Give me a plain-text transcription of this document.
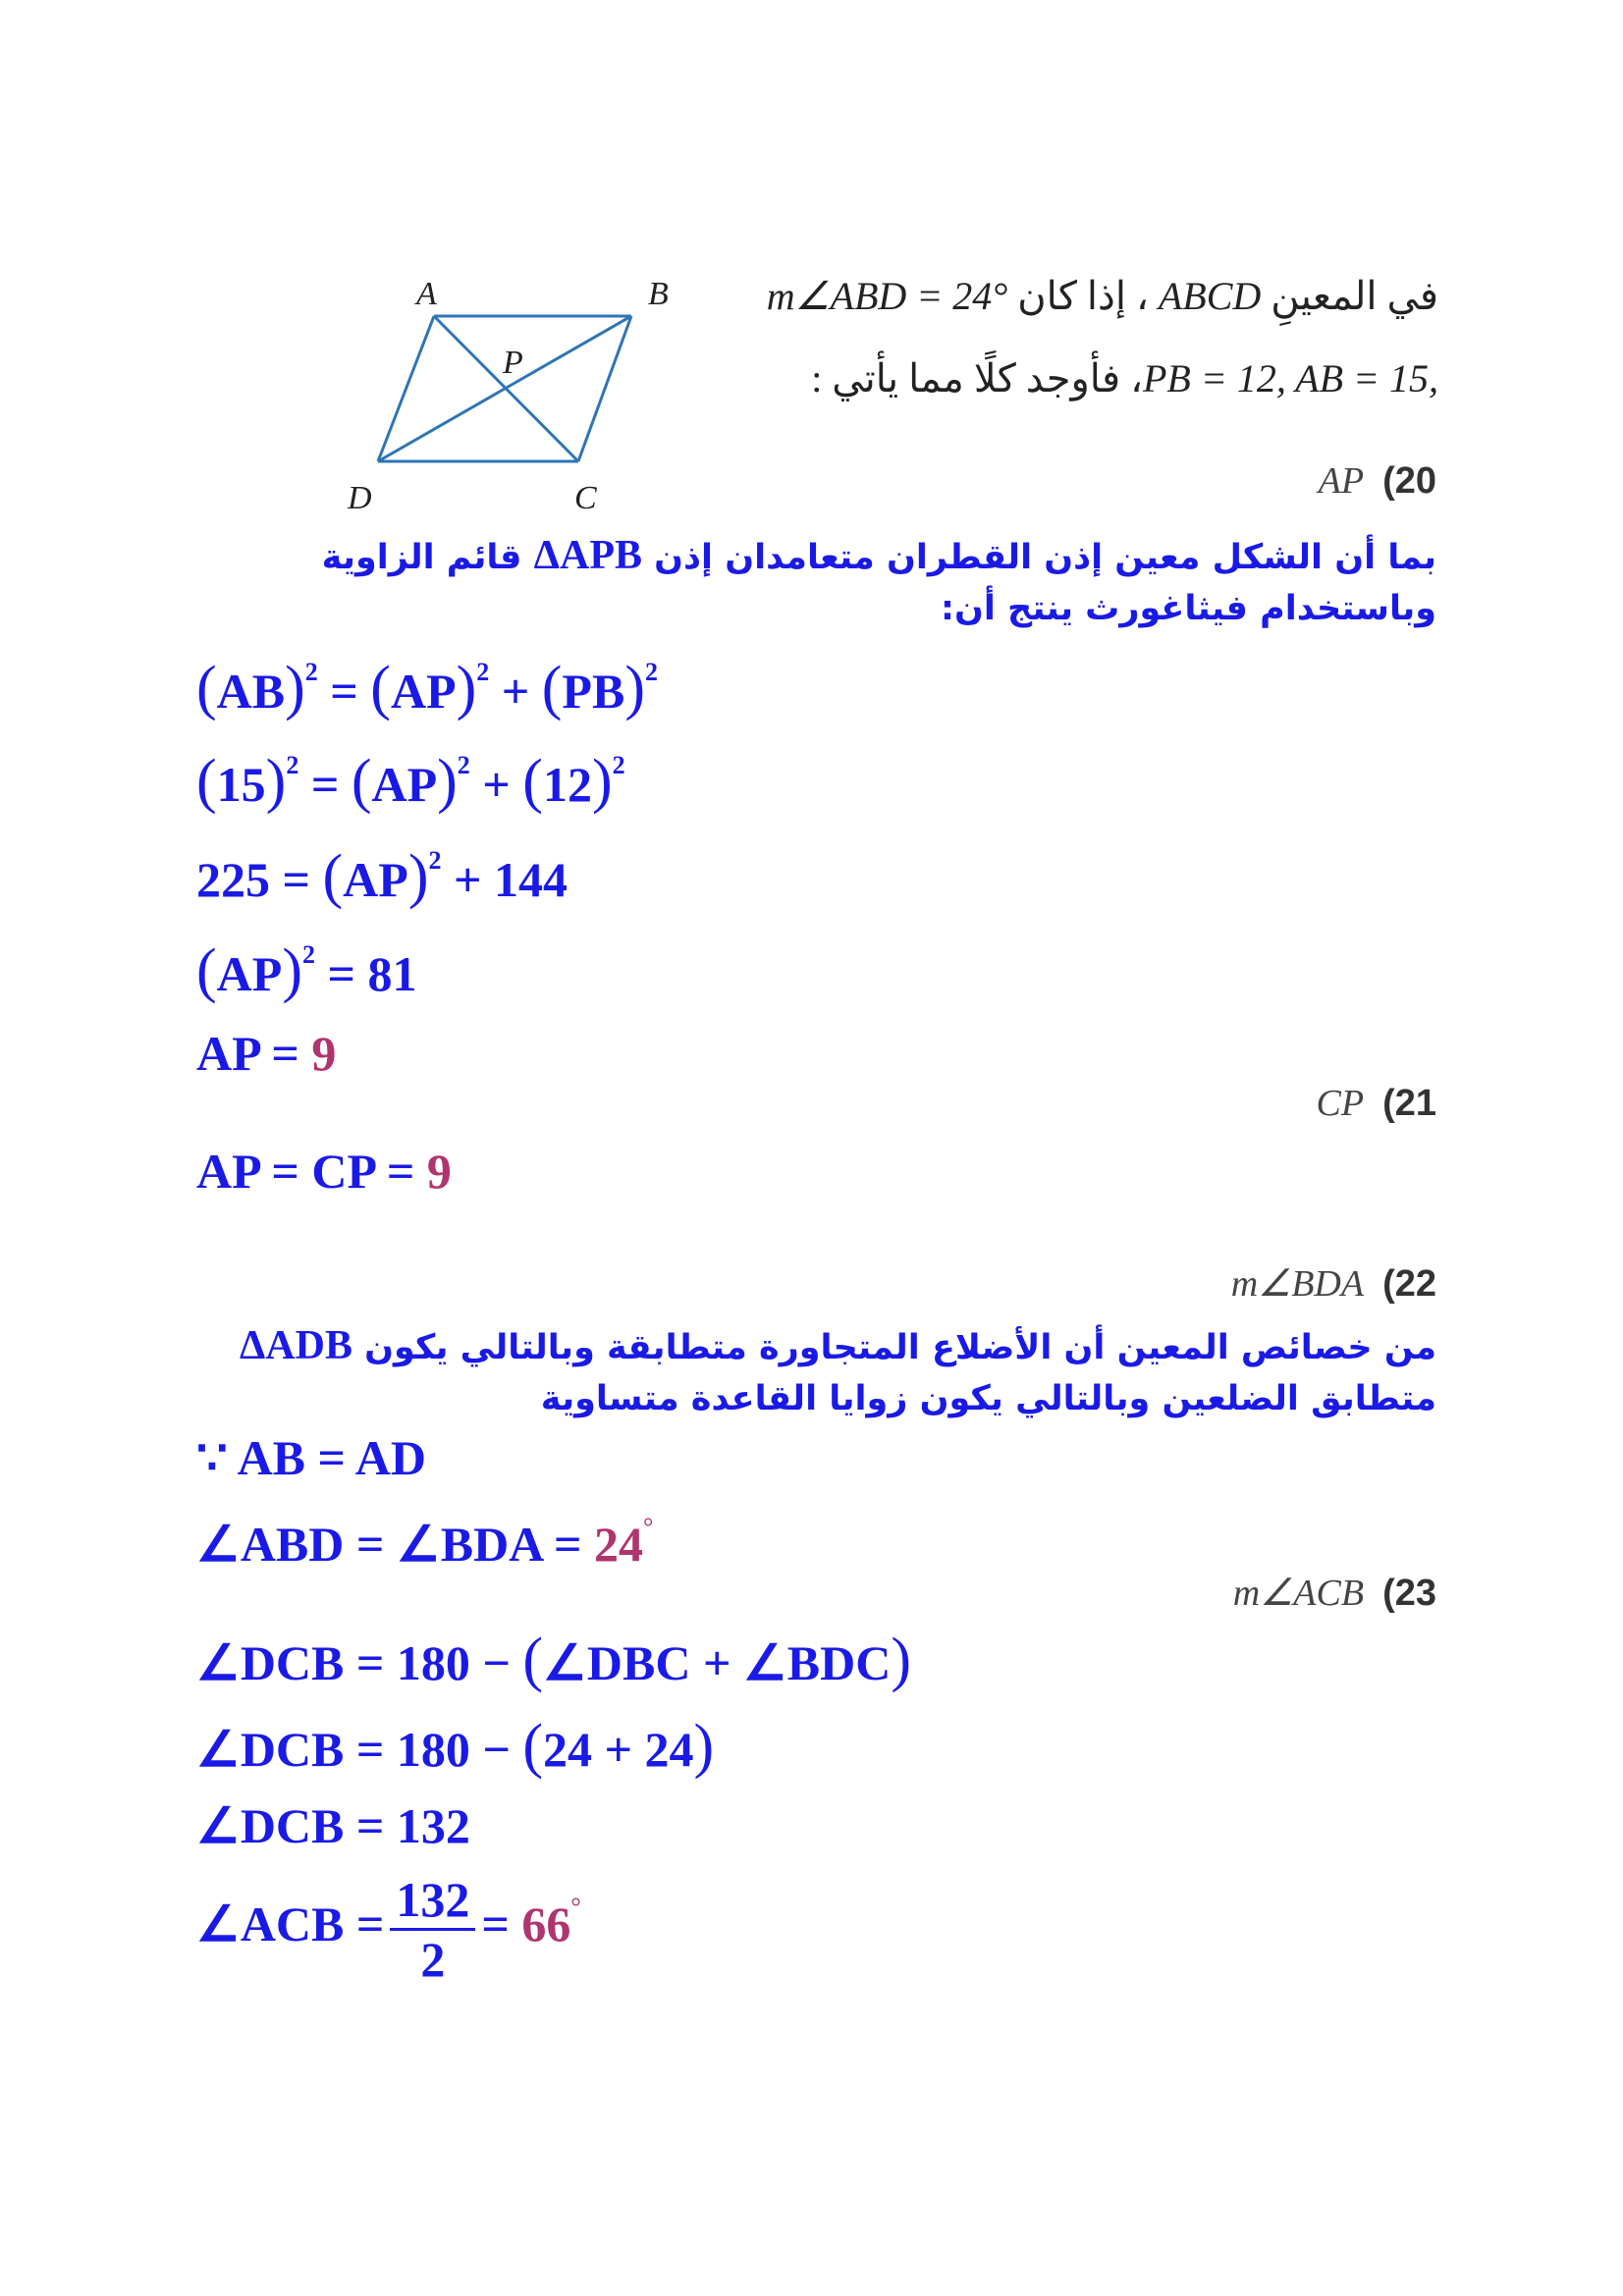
A	B
P
D	C
في المعينِ ABCD ، إذا كان m∠ABD = 24°
PB = 12, AB = 15,، فأوجد كلًا مما يأتي :
AP (20
بما أن الشكل معين إذن القطران متعامدان إذن ΔAPB قائم الزاوية
وباستخدام فيثاغورث ينتج أن:
(AB)$^2$ = (AP)$^2$ + (PB)$^2$
$(15)^2 = (AP)^2 + (12)^2$
225 = (AP)$^2$ + 144
(AP)$^2$ = 81
AP = 9
CP (21
AP = CP = 9
m∠BDA (22
من خصائص المعين أن الأضلاع المتجاورة متطابقة وبالتالي يكون ΔADB
متطابق الضلعين وبالتالي يكون زوايا القاعدة متساوية
∵ AB = AD
∠ABD = ∠BDA = 24°
m∠ACB (23
∠DCB = 180 − (∠DBC + ∠BDC)
∠DCB = 180 − (24 + 24)
∠DCB = 132
∠ACB = $\frac{132}{2} = 66^\circ$
